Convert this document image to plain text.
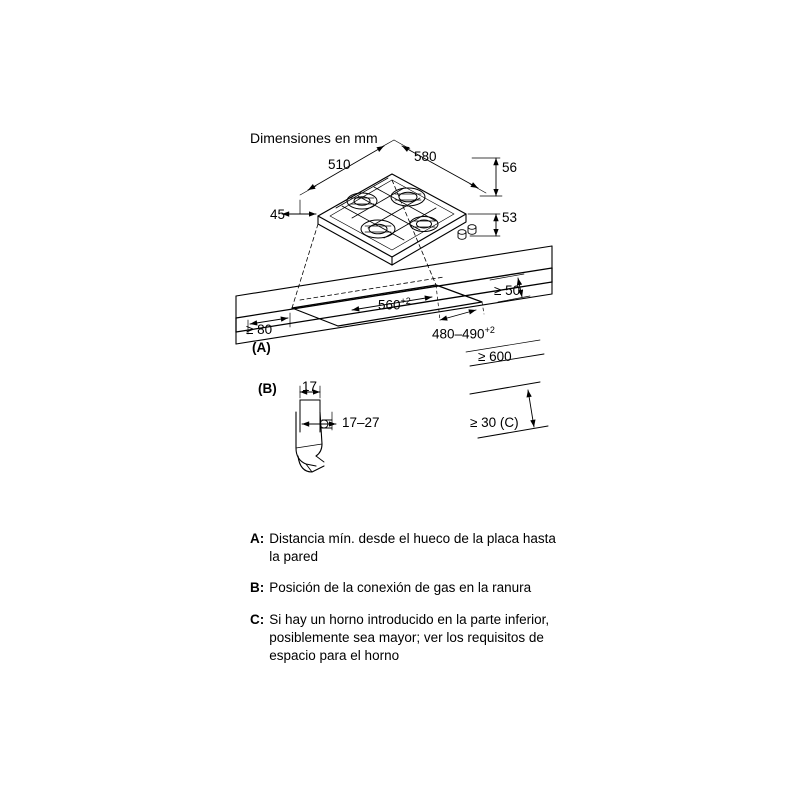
Dimensiones en mm
510
580
56
45	53
$560^{+2}$
$480-490^{+2}$
≥ 50
≥ 80
(A)
≥ 600
≥ 30 (C)
(B) 17
17–27
A: Distancia mín. desde el hueco de la placa hasta la pared
B: Posición de la conexión de gas en la ranura
C: Si hay un horno introducido en la parte inferior, posiblemente sea mayor; ver los requisitos de espacio para el horno
